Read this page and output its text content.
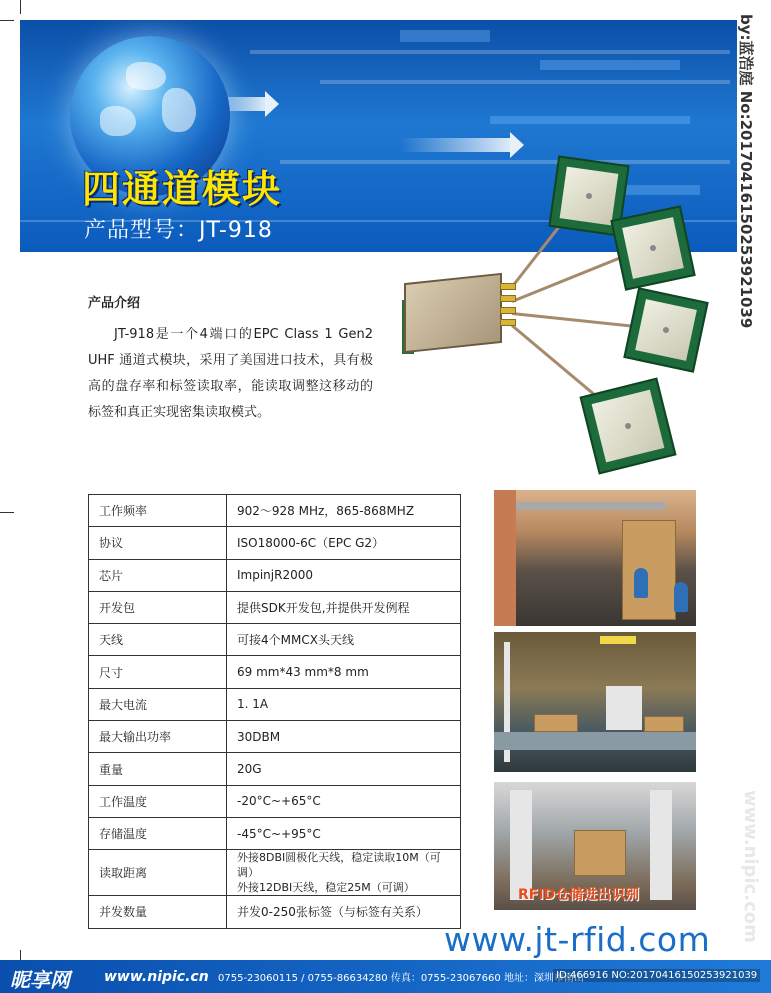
四通道模块
产品型号：JT-918	by:蓝浩庭 No:20170416150253921039
产品介绍
JT-918是一个4端口的EPC Class 1 Gen2 UHF 通道式模块，采用了美国进口技术，具有极高的盘存率和标签读取率，能读取调整这移动的标签和真正实现密集读取模式。
工作频率	902～928 MHz，865-868MHZ
协议	ISO18000-6C（EPC G2）
芯片	ImpinjR2000
开发包	提供SDK开发包,并提供开发例程
天线	可接4个MMCX头天线
尺寸	69 mm*43 mm*8 mm
最大电流	1. 1A
最大输出功率	30DBM
重量	20G
工作温度	-20°C~+65°C
存储温度	-45°C~+95°C
读取距离	外接8DBI圆极化天线，稳定读取10M（可调）
外接12DBI天线，稳定25M（可调）

并发数量	并发0-250张标签（与标签有关系）
RFID仓储进出识别
www.jt-rfid.com www.nipic.com
昵享网 www.nipic.cn 0755-23060115 / 0755-86634280 传真：0755-23067660 地址：深圳市南山
ID:466916 NO:20170416150253921039
